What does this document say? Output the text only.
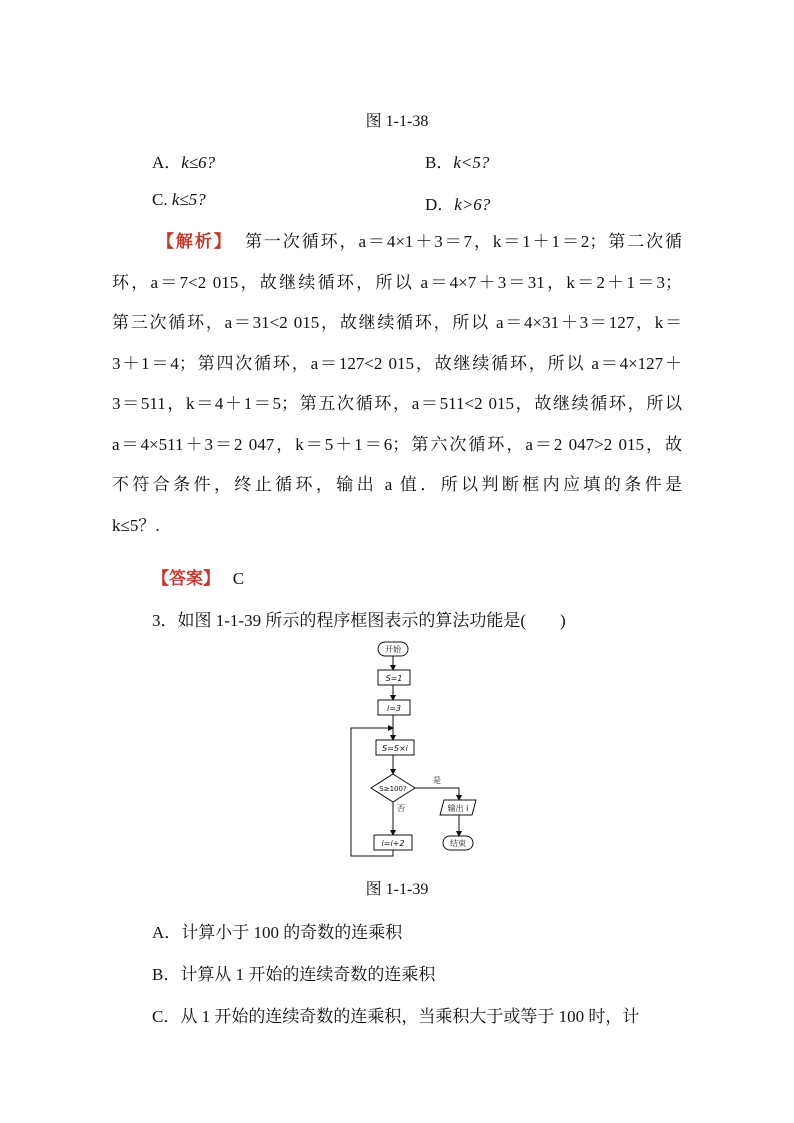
图 1-1-38
A．k≤6?	B．k<5?
C. k≤5?	D．k>6?
【解析】 第一次循环，a＝4×1＋3＝7，k＝1＋1＝2；第二次循
环，a＝7<2 015，故继续循环，所以 a＝4×7＋3＝31，k＝2＋1＝3；
第三次循环，a＝31<2 015，故继续循环，所以 a＝4×31＋3＝127，k＝
3＋1＝4；第四次循环，a＝127<2 015，故继续循环，所以 a＝4×127＋
3＝511，k＝4＋1＝5；第五次循环，a＝511<2 015，故继续循环，所以
a＝4×511＋3＝2 047，k＝5＋1＝6；第六次循环，a＝2 047>2 015，故
不符合条件，终止循环，输出 a 值．所以判断框内应填的条件是
k≤5？.
【答案】 C
3．如图 1-1-39 所示的程序框图表示的算法功能是(　　)
开始
S=1
i=3
S=S×i
S≥100?
是
否	输出 i
i=i+2	结束
图 1-1-39
A．计算小于 100 的奇数的连乘积
B．计算从 1 开始的连续奇数的连乘积
C．从 1 开始的连续奇数的连乘积，当乘积大于或等于 100 时，计
